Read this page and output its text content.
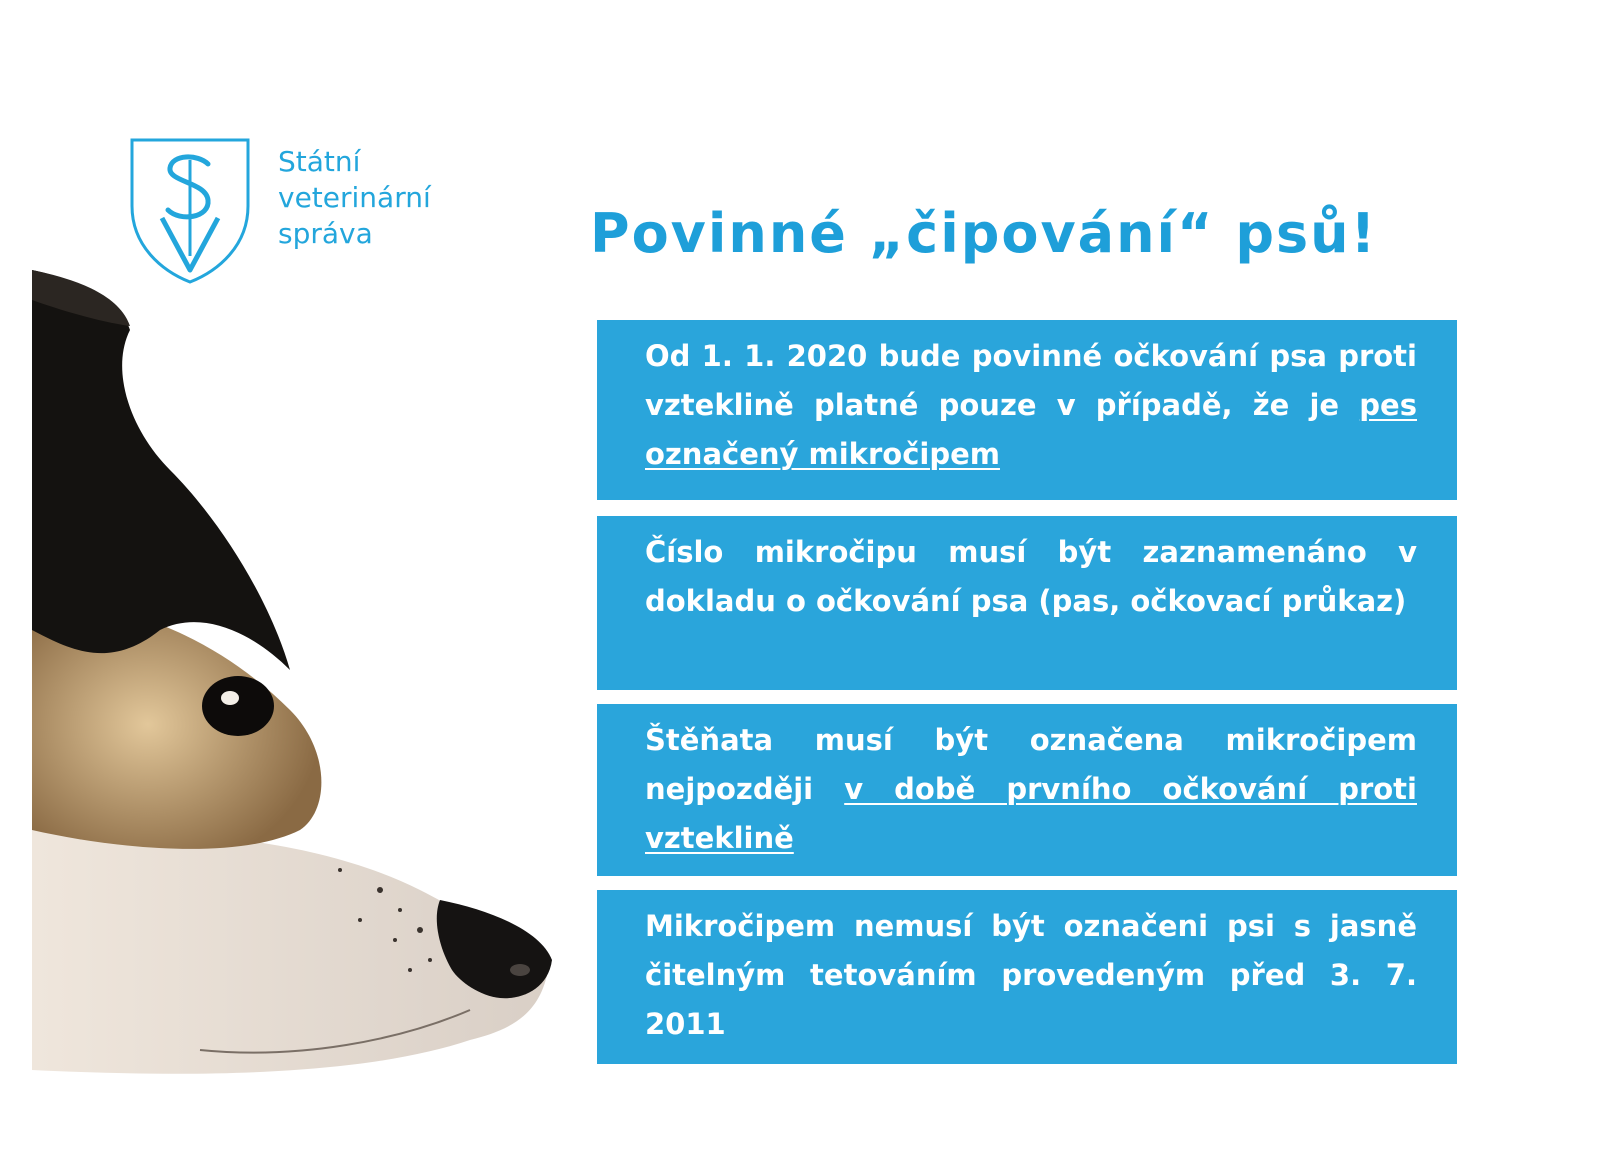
Státní
veterinární
správa	Povinné „čipování“ psů!
Od 1. 1. 2020 bude povinné očkování psa proti vzteklině platné pouze v případě, že je pes označený mikročipem
Číslo mikročipu musí být zaznamenáno v dokladu o očkování psa (pas, očkovací průkaz)
Štěňata musí být označena mikročipem nejpozději v době prvního očkování proti vzteklině
Mikročipem nemusí být označeni psi s jasně čitelným tetováním provedeným před 3. 7. 2011
